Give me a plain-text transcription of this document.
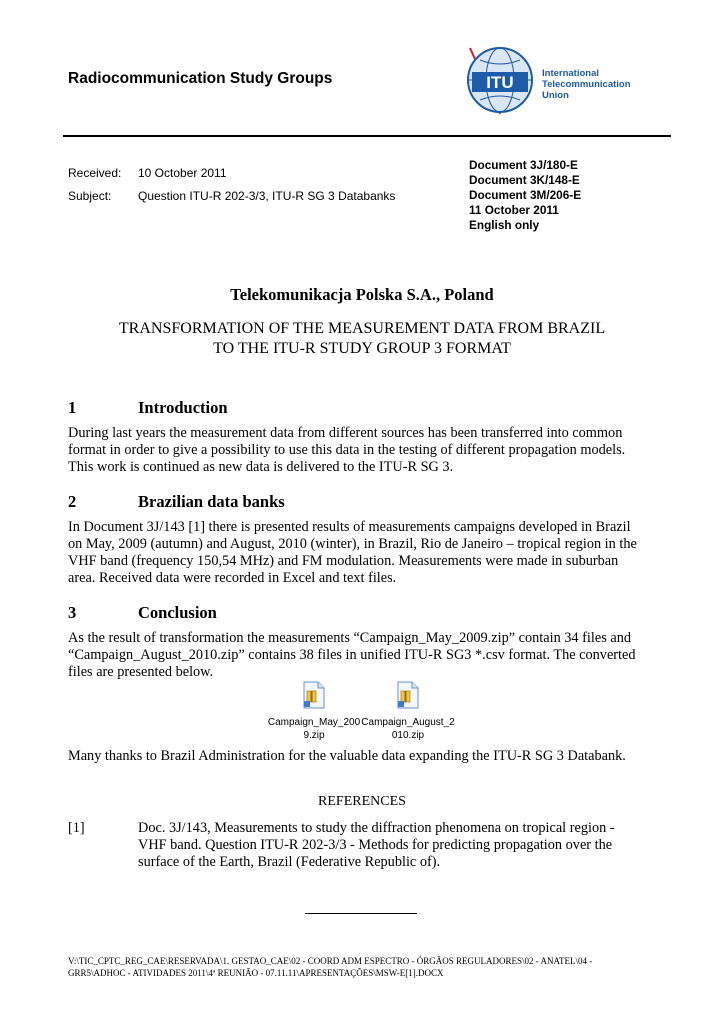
Radiocommunication Study Groups	ITU	International
Telecommunication
Union
Received: 10 October 2011
Subject: Question ITU-R 202-3/3, ITU-R SG 3 Databanks
Document 3J/180-E
Document 3K/148-E
Document 3M/206-E
11 October 2011
English only
Telekomunikacja Polska S.A., Poland
TRANSFORMATION OF THE MEASUREMENT DATA FROM BRAZIL
TO THE ITU-R STUDY GROUP 3 FORMAT
1	Introduction
During last years the measurement data from different sources has been transferred into common
format in order to give a possibility to use this data in the testing of different propagation models.
This work is continued as new data is delivered to the ITU-R SG 3.
2	Brazilian data banks
In Document 3J/143 [1] there is presented results of measurements campaigns developed in Brazil
on May, 2009 (autumn) and August, 2010 (winter), in Brazil, Rio de Janeiro – tropical region in the
VHF band (frequency 150,54 MHz) and FM modulation. Measurements were made in suburban
area. Received data were recorded in Excel and text files.
3	Conclusion
As the result of transformation the measurements “Campaign_May_2009.zip” contain 34 files and
“Campaign_August_2010.zip” contains 38 files in unified ITU-R SG3 *.csv format. The converted
files are presented below.
Campaign_May_200
9.zip
Campaign_August_2
010.zip
Many thanks to Brazil Administration for the valuable data expanding the ITU-R SG 3 Databank.
REFERENCES
[1]	Doc. 3J/143, Measurements to study the diffraction phenomena on tropical region -
VHF band. Question ITU-R 202-3/3 - Methods for predicting propagation over the
surface of the Earth, Brazil (Federative Republic of).
V:\TIC_CPTC_REG_CAE\RESERVADA\1. GESTAO_CAE\02 - COORD ADM ESPECTRO - ÓRGÃOS REGULADORES\02 - ANATEL\04 -
GRR5\ADHOC - ATIVIDADES 2011\4ª REUNIÃO - 07.11.11\APRESENTAÇÕES\MSW-E[1].DOCX
